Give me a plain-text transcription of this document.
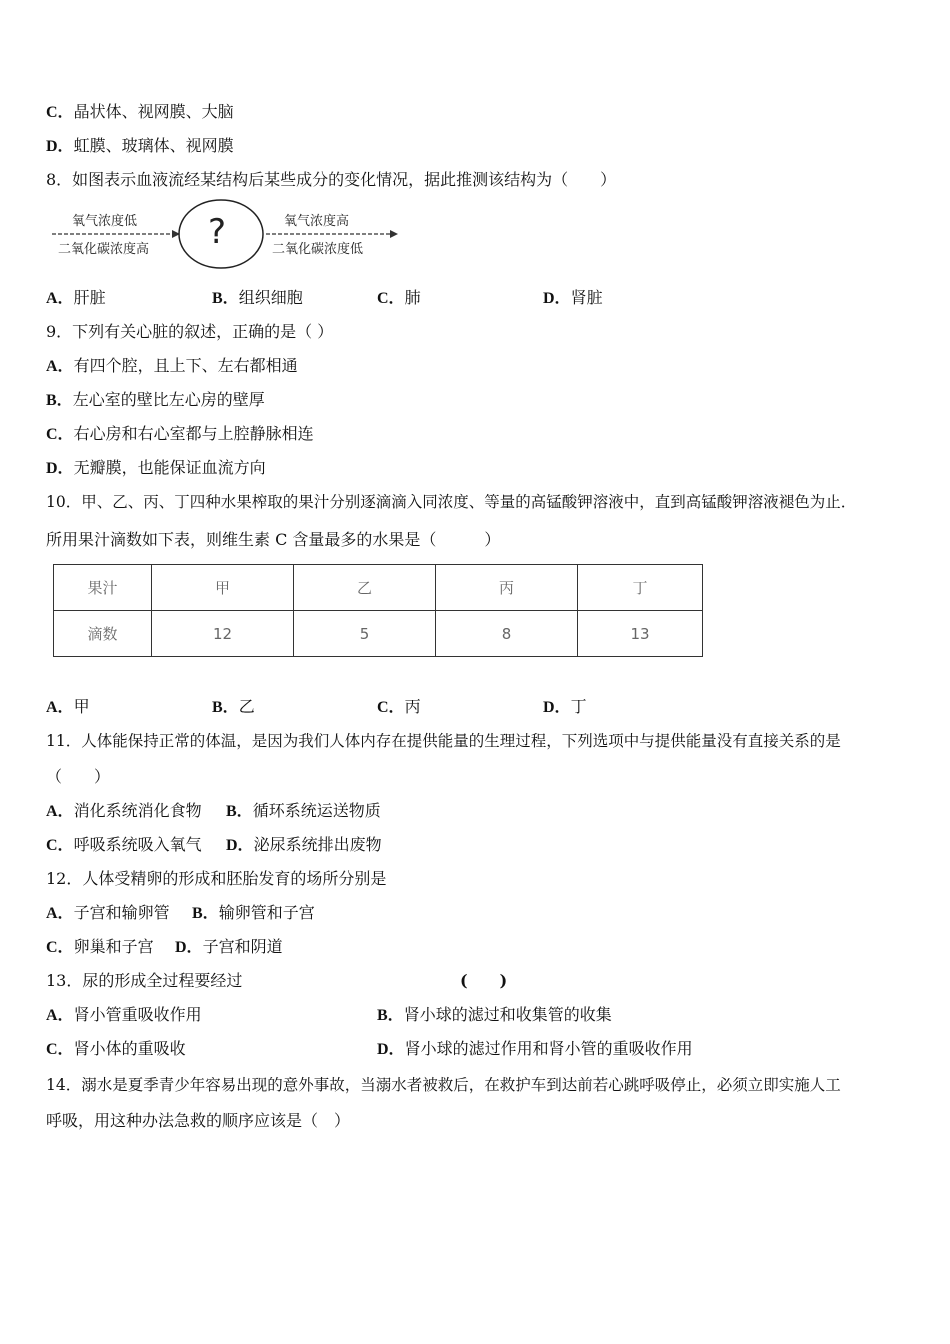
C．晶状体、视网膜、大脑
D．虹膜、玻璃体、视网膜
8．如图表示血液流经某结构后某些成分的变化情况，据此推测该结构为（　　）
氧气浓度低
二氧化碳浓度高 ?	氧气浓度高
二氧化碳浓度低
A．肝脏	B．组织细胞	C．肺	D．肾脏
9．下列有关心脏的叙述，正确的是（ ）
A．有四个腔，且上下、左右都相通
B．左心室的壁比左心房的壁厚
C．右心房和右心室都与上腔静脉相连
D．无瓣膜，也能保证血流方向
10．甲、乙、丙、丁四种水果榨取的果汁分别逐滴滴入同浓度、等量的高锰酸钾溶液中，直到高锰酸钾溶液褪色为止．
所用果汁滴数如下表，则维生素 C 含量最多的水果是（　　　）
果汁	甲	乙	丙	丁
滴数	12	5	8	13
A．甲	B．乙	C．丙	D．丁
11．人体能保持正常的体温，是因为我们人体内存在提供能量的生理过程，下列选项中与提供能量没有直接关系的是
（　　）
A．消化系统消化食物 B．循环系统运送物质
C．呼吸系统吸入氧气 D．泌尿系统排出废物
12．人体受精卵的形成和胚胎发育的场所分别是
A．子宫和输卵管 B．输卵管和子宫
C．卵巢和子宫 D．子宫和阴道
13．尿的形成全过程要经过	(　　)
A．肾小管重吸收作用	B．肾小球的滤过和收集管的收集
C．肾小体的重吸收	D．肾小球的滤过作用和肾小管的重吸收作用
14．溺水是夏季青少年容易出现的意外事故，当溺水者被救后，在救护车到达前若心跳呼吸停止，必须立即实施人工
呼吸，用这种办法急救的顺序应该是（　）
